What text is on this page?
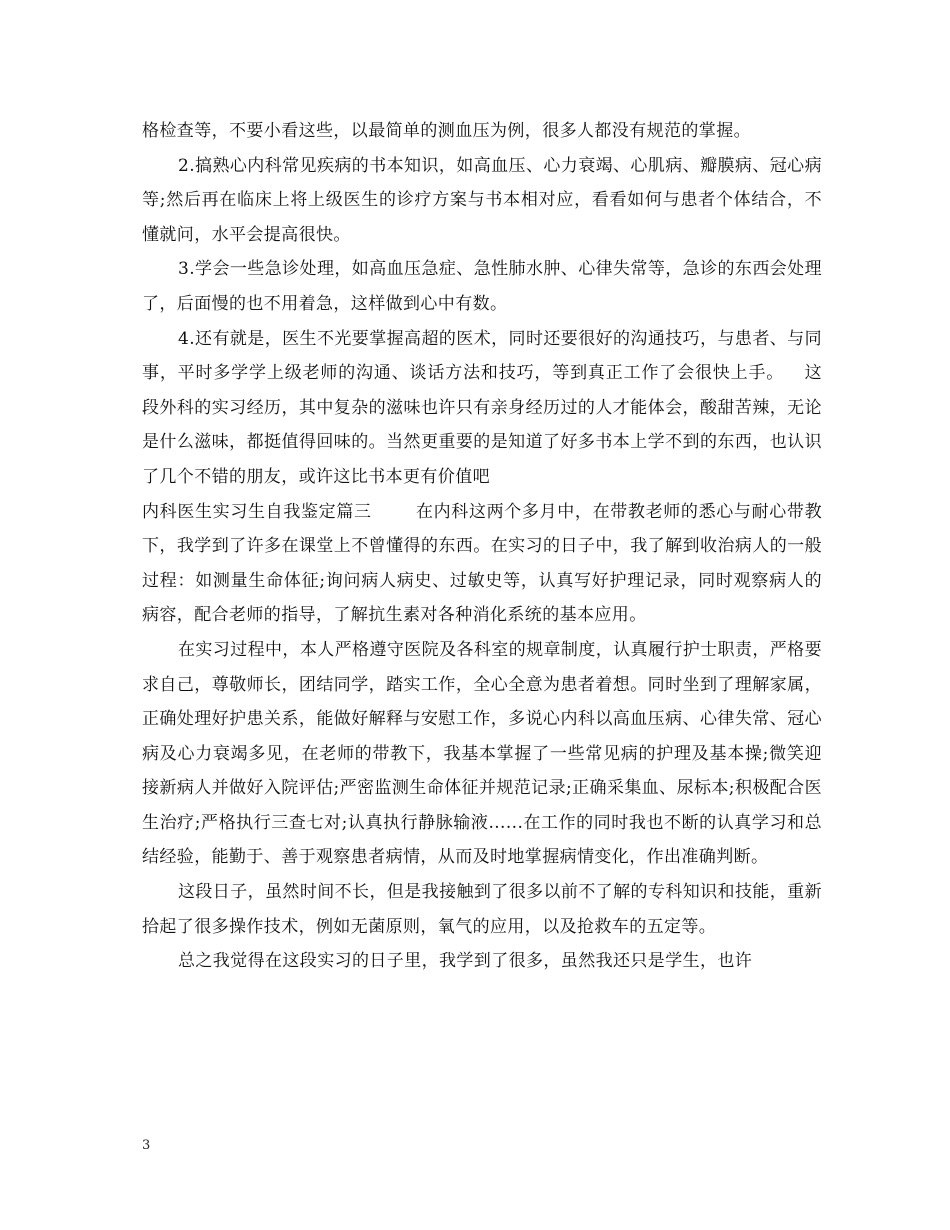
格检查等，不要小看这些，以最简单的测血压为例，很多人都没有规范的掌握。

2.搞熟心内科常见疾病的书本知识，如高血压、心力衰竭、心肌病、瓣膜病、冠心病等;然后再在临床上将上级医生的诊疗方案与书本相对应，看看如何与患者个体结合，不懂就问，水平会提高很快。

3.学会一些急诊处理，如高血压急症、急性肺水肿、心律失常等，急诊的东西会处理了，后面慢的也不用着急，这样做到心中有数。

4.还有就是，医生不光要掌握高超的医术，同时还要很好的沟通技巧，与患者、与同事，平时多学学上级老师的沟通、谈话方法和技巧，等到真正工作了会很快上手。 这段外科的实习经历，其中复杂的滋味也许只有亲身经历过的人才能体会，酸甜苦辣，无论是什么滋味，都挺值得回味的。当然更重要的是知道了好多书本上学不到的东西，也认识了几个不错的朋友，或许这比书本更有价值吧

内科医生实习生自我鉴定篇三	在内科这两个多月中，在带教老师的悉心与耐心带教下，我学到了许多在课堂上不曾懂得的东西。在实习的日子中，我了解到收治病人的一般过程：如测量生命体征;询问病人病史、过敏史等，认真写好护理记录，同时观察病人的病容，配合老师的指导，了解抗生素对各种消化系统的基本应用。

在实习过程中，本人严格遵守医院及各科室的规章制度，认真履行护士职责，严格要求自己，尊敬师长，团结同学，踏实工作，全心全意为患者着想。同时坐到了理解家属，正确处理好护患关系，能做好解释与安慰工作，多说心内科以高血压病、心律失常、冠心病及心力衰竭多见，在老师的带教下，我基本掌握了一些常见病的护理及基本操;微笑迎接新病人并做好入院评估;严密监测生命体征并规范记录;正确采集血、尿标本;积极配合医生治疗;严格执行三查七对;认真执行静脉输液......在工作的同时我也不断的认真学习和总结经验，能勤于、善于观察患者病情，从而及时地掌握病情变化，作出准确判断。

这段日子，虽然时间不长，但是我接触到了很多以前不了解的专科知识和技能，重新拾起了很多操作技术，例如无菌原则，氧气的应用，以及抢救车的五定等。

总之我觉得在这段实习的日子里，我学到了很多，虽然我还只是学生，也许

3
